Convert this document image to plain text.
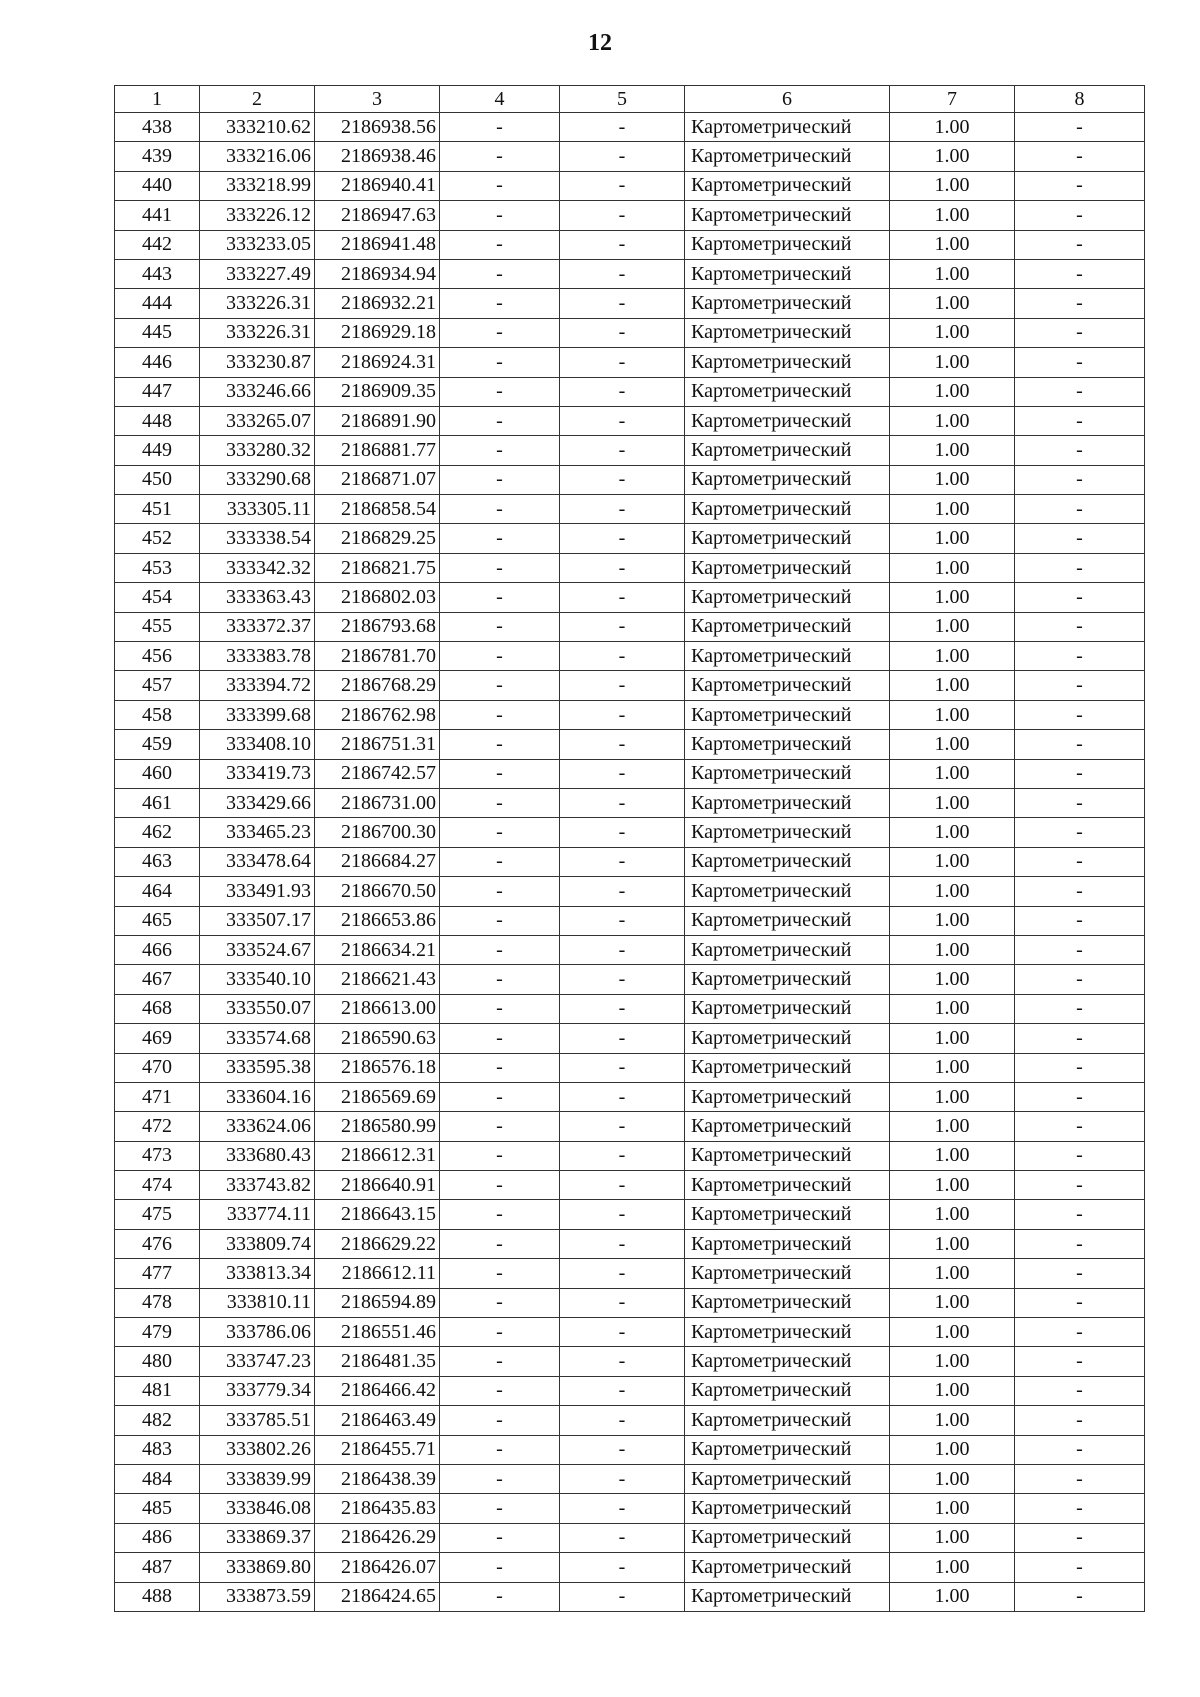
12
1	2	3	4	5	6	7	8
438	333210.62	2186938.56	-	-	Картометрический	1.00	-
439	333216.06	2186938.46	-	-	Картометрический	1.00	-
440	333218.99	2186940.41	-	-	Картометрический	1.00	-
441	333226.12	2186947.63	-	-	Картометрический	1.00	-
442	333233.05	2186941.48	-	-	Картометрический	1.00	-
443	333227.49	2186934.94	-	-	Картометрический	1.00	-
444	333226.31	2186932.21	-	-	Картометрический	1.00	-
445	333226.31	2186929.18	-	-	Картометрический	1.00	-
446	333230.87	2186924.31	-	-	Картометрический	1.00	-
447	333246.66	2186909.35	-	-	Картометрический	1.00	-
448	333265.07	2186891.90	-	-	Картометрический	1.00	-
449	333280.32	2186881.77	-	-	Картометрический	1.00	-
450	333290.68	2186871.07	-	-	Картометрический	1.00	-
451	333305.11	2186858.54	-	-	Картометрический	1.00	-
452	333338.54	2186829.25	-	-	Картометрический	1.00	-
453	333342.32	2186821.75	-	-	Картометрический	1.00	-
454	333363.43	2186802.03	-	-	Картометрический	1.00	-
455	333372.37	2186793.68	-	-	Картометрический	1.00	-
456	333383.78	2186781.70	-	-	Картометрический	1.00	-
457	333394.72	2186768.29	-	-	Картометрический	1.00	-
458	333399.68	2186762.98	-	-	Картометрический	1.00	-
459	333408.10	2186751.31	-	-	Картометрический	1.00	-
460	333419.73	2186742.57	-	-	Картометрический	1.00	-
461	333429.66	2186731.00	-	-	Картометрический	1.00	-
462	333465.23	2186700.30	-	-	Картометрический	1.00	-
463	333478.64	2186684.27	-	-	Картометрический	1.00	-
464	333491.93	2186670.50	-	-	Картометрический	1.00	-
465	333507.17	2186653.86	-	-	Картометрический	1.00	-
466	333524.67	2186634.21	-	-	Картометрический	1.00	-
467	333540.10	2186621.43	-	-	Картометрический	1.00	-
468	333550.07	2186613.00	-	-	Картометрический	1.00	-
469	333574.68	2186590.63	-	-	Картометрический	1.00	-
470	333595.38	2186576.18	-	-	Картометрический	1.00	-
471	333604.16	2186569.69	-	-	Картометрический	1.00	-
472	333624.06	2186580.99	-	-	Картометрический	1.00	-
473	333680.43	2186612.31	-	-	Картометрический	1.00	-
474	333743.82	2186640.91	-	-	Картометрический	1.00	-
475	333774.11	2186643.15	-	-	Картометрический	1.00	-
476	333809.74	2186629.22	-	-	Картометрический	1.00	-
477	333813.34	2186612.11	-	-	Картометрический	1.00	-
478	333810.11	2186594.89	-	-	Картометрический	1.00	-
479	333786.06	2186551.46	-	-	Картометрический	1.00	-
480	333747.23	2186481.35	-	-	Картометрический	1.00	-
481	333779.34	2186466.42	-	-	Картометрический	1.00	-
482	333785.51	2186463.49	-	-	Картометрический	1.00	-
483	333802.26	2186455.71	-	-	Картометрический	1.00	-
484	333839.99	2186438.39	-	-	Картометрический	1.00	-
485	333846.08	2186435.83	-	-	Картометрический	1.00	-
486	333869.37	2186426.29	-	-	Картометрический	1.00	-
487	333869.80	2186426.07	-	-	Картометрический	1.00	-
488	333873.59	2186424.65	-	-	Картометрический	1.00	-
